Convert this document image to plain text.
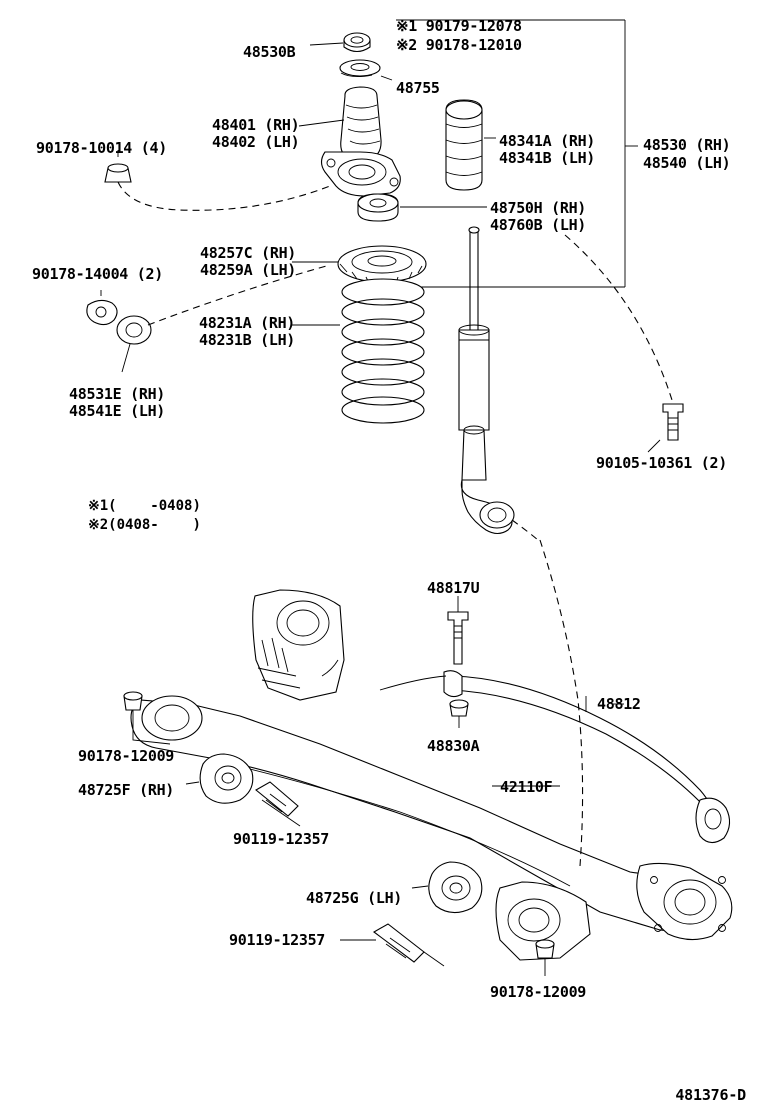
※1 90179-12078
※2 90178-12010
48530B
48755
48401 (RH)
48402 (LH)	48341A (RH)
48341B (LH)
48530 (RH)
48540 (LH)
90178-10014 (4)
48750H (RH)
48760B (LH)
48257C (RH)
48259A (LH)
90178-14004 (2)
48231A (RH)
48231B (LH)
48531E (RH)
48541E (LH)
90105-10361 (2)
48817U
48812
48830A
42110F
90178-12009
48725F (RH)
90119-12357
48725G (LH)
90119-12357
90178-12009
※1(    -0408)
※2(0408-    )
481376-D
